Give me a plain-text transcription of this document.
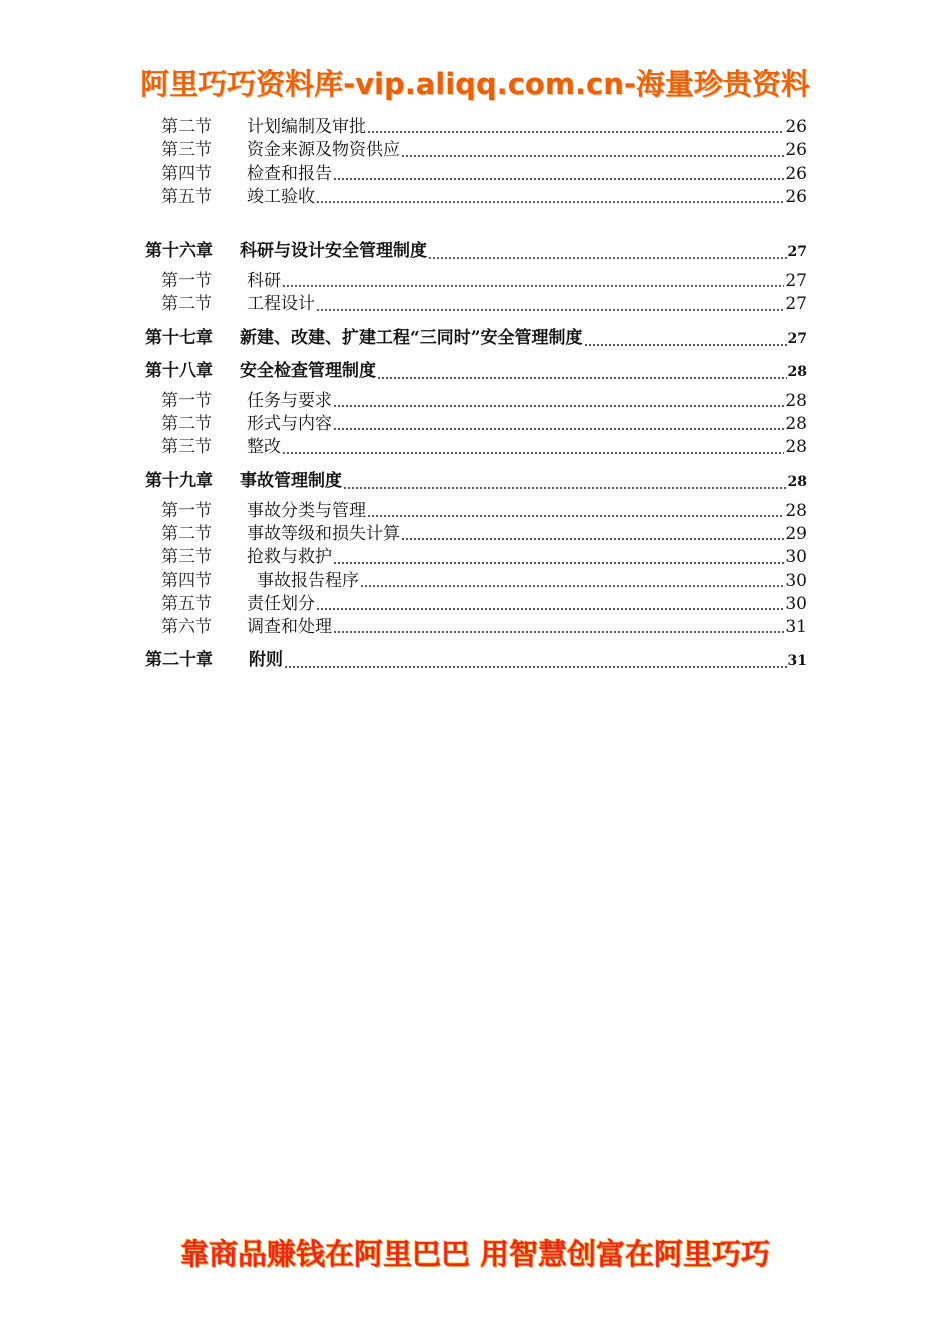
阿里巧巧资料库-vip.aliqq.com.cn-海量珍贵资料
第二节	计划编制及审批	26
第三节	资金来源及物资供应	26
第四节	检查和报告	26
第五节	竣工验收	26
第十六章	科研与设计安全管理制度	27
第一节	科研	27
第二节	工程设计	27
第十七章	新建、改建、扩建工程“三同时”安全管理制度	27
第十八章	安全检查管理制度	28
第一节	任务与要求	28
第二节	形式与内容	28
第三节	整改	28
第十九章	事故管理制度	28
第一节	事故分类与管理	28
第二节	事故等级和损失计算	29
第三节	抢救与救护	30
第四节	事故报告程序	30
第五节	责任划分	30
第六节	调查和处理	31
第二十章	附则	31
靠商品赚钱在阿里巴巴 用智慧创富在阿里巧巧
